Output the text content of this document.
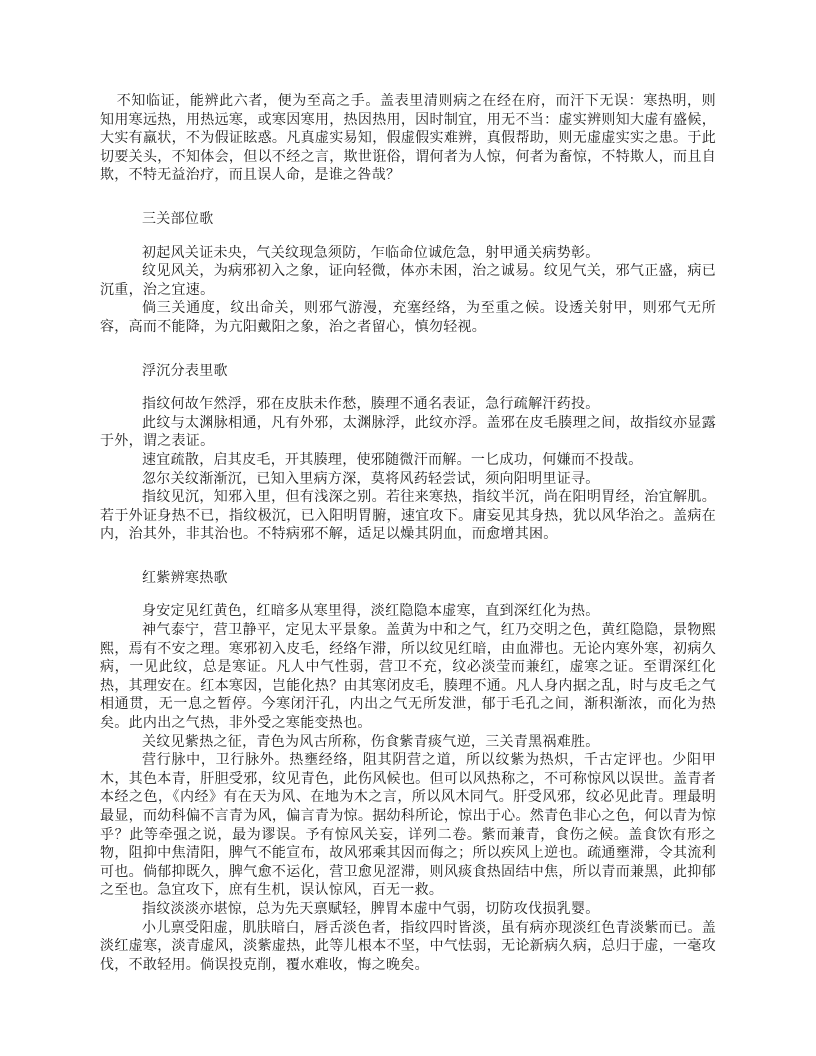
不知临证，能辨此六者，便为至高之手。盖表里清则病之在经在府，而汗下无误：寒热明，则知用寒远热，用热远寒，或寒因寒用，热因热用，因时制宜，用无不当：虚实辨则知大虚有盛候，大实有羸状，不为假证眩惑。凡真虚实易知，假虚假实难辨，真假帮助，则无虚虚实实之患。于此切要关头，不知体会，但以不经之言，欺世诳俗，谓何者为人惊，何者为畜惊，不特欺人，而且自欺，不特无益治疗，而且误人命，是谁之咎哉？

三关部位歌

初起风关证未央，气关纹现急须防，乍临命位诚危急，射甲通关病势彰。

纹见风关，为病邪初入之象，证向轻微，体亦未困，治之诚易。纹见气关，邪气正盛，病已沉重，治之宜速。

倘三关通度，纹出命关，则邪气游漫，充塞经络，为至重之候。设透关射甲，则邪气无所容，高而不能降，为亢阳戴阳之象，治之者留心，慎勿轻视。

浮沉分表里歌

指纹何故乍然浮，邪在皮肤未作愁，腠理不通名表证，急行疏解汗药投。

此纹与太渊脉相通，凡有外邪，太渊脉浮，此纹亦浮。盖邪在皮毛腠理之间，故指纹亦显露于外，谓之表证。

速宜疏散，启其皮毛，开其腠理，使邪随微汗而解。一匕成功，何嫌而不投哉。

忽尔关纹渐渐沉，已知入里病方深，莫将风药轻尝试，须向阳明里证寻。

指纹见沉，知邪入里，但有浅深之别。若往来寒热，指纹半沉，尚在阳明胃经，治宜解肌。若于外证身热不已，指纹极沉，已入阳明胃腑，速宜攻下。庸妄见其身热，犹以风华治之。盖病在内，治其外，非其治也。不特病邪不解，适足以燥其阴血，而愈增其困。

红紫辨寒热歌

身安定见红黄色，红暗多从寒里得，淡红隐隐本虚寒，直到深红化为热。

神气泰宁，营卫静平，定见太平景象。盖黄为中和之气，红乃交明之色，黄红隐隐，景物熙熙，焉有不安之理。寒邪初入皮毛，经络乍滞，所以纹见红暗，由血滞也。无论内寒外寒，初病久病，一见此纹，总是寒证。凡人中气性弱，营卫不充，纹必淡莹而兼红，虚寒之证。至谓深红化热，其理安在。红本寒因，岂能化热？由其寒闭皮毛，腠理不通。凡人身内据之乱，时与皮毛之气相通贯，无一息之暂停。今寒闭汗孔，内出之气无所发泄，郁于毛孔之间，渐积渐浓，而化为热矣。此内出之气热，非外受之寒能变热也。

关纹见紫热之征，青色为风古所称，伤食紫青痰气逆，三关青黑祸难胜。

营行脉中，卫行脉外。热壅经络，阻其阴营之道，所以纹紫为热炽，千古定评也。少阳甲木，其色本青，肝胆受邪，纹见青色，此伤风候也。但可以风热称之，不可称惊风以误世。盖青者本经之色，《内经》有在天为风、在地为木之言，所以风木同气。肝受风邪，纹必见此青。理最明最显，而幼科偏不言青为风，偏言青为惊。据幼科所论，惊出于心。然青色非心之色，何以青为惊乎？此等牵强之说，最为谬误。予有惊风关妄，详列二卷。紫而兼青，食伤之候。盖食饮有形之物，阻抑中焦清阳，脾气不能宣布，故风邪乘其因而侮之；所以疾风上逆也。疏通壅滞，令其流利可也。倘郁抑既久，脾气愈不运化，营卫愈见涩滞，则风痰食热固结中焦，所以青而兼黑，此抑郁之至也。急宜攻下，庶有生机，误认惊风，百无一救。

指纹淡淡亦堪惊，总为先天禀赋轻，脾胃本虚中气弱，切防攻伐损乳婴。

小儿禀受阳虚，肌肤暗白，唇舌淡色者，指纹四时皆淡，虽有病亦现淡红色青淡紫而已。盖淡红虚寒，淡青虚风，淡紫虚热，此等儿根本不坚，中气怯弱，无论新病久病，总归于虚，一毫攻伐，不敢轻用。倘误投克削，覆水难收，悔之晚矣。
